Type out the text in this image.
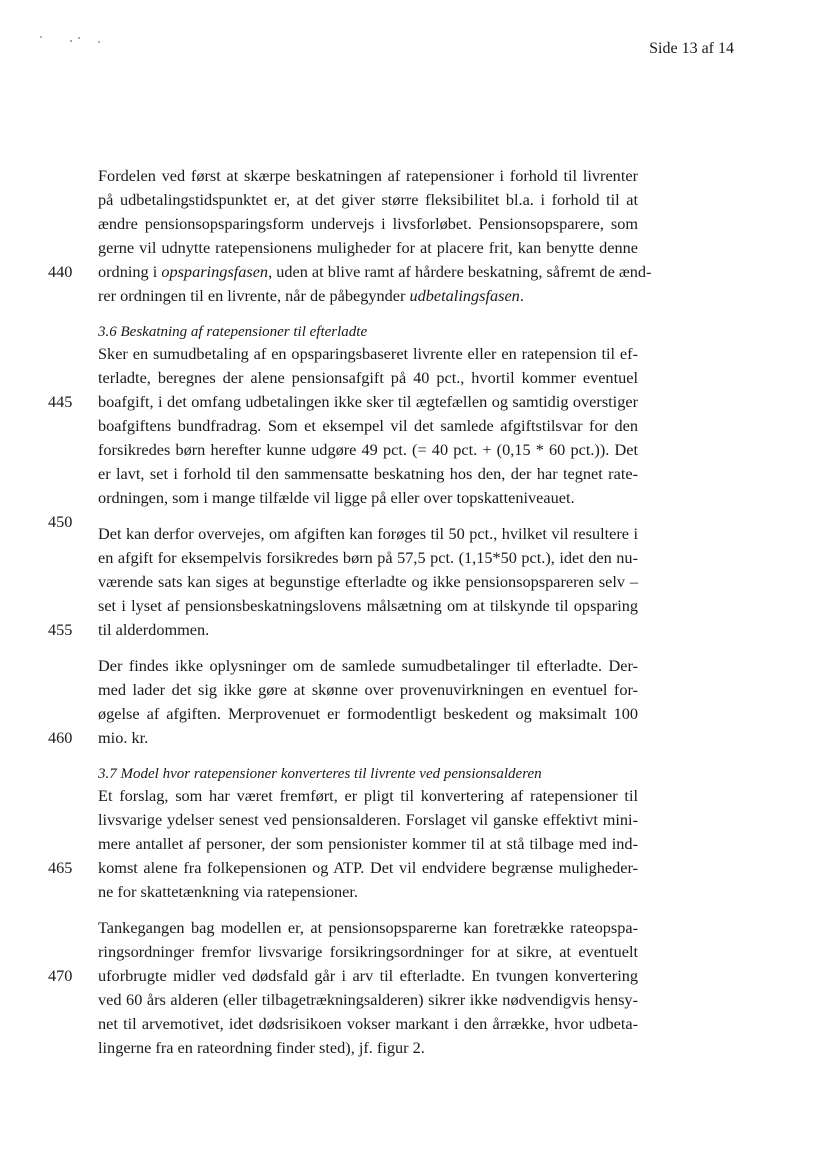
Side 13 af 14
Fordelen ved først at skærpe beskatningen af ratepensioner i forhold til livrenter
på udbetalingstidspunktet er, at det giver større fleksibilitet bl.a. i forhold til at
ændre pensionsopsparingsform undervejs i livsforløbet. Pensionsopsparere, som
gerne vil udnytte ratepensionens muligheder for at placere frit, kan benytte denne
ordning i opsparingsfasen, uden at blive ramt af hårdere beskatning, såfremt de ænd-
rer ordningen til en livrente, når de påbegynder udbetalingsfasen.
3.6 Beskatning af ratepensioner til efterladte
Sker en sumudbetaling af en opsparingsbaseret livrente eller en ratepension til ef-
terladte, beregnes der alene pensionsafgift på 40 pct., hvortil kommer eventuel
boafgift, i det omfang udbetalingen ikke sker til ægtefællen og samtidig overstiger
boafgiftens bundfradrag. Som et eksempel vil det samlede afgiftstilsvar for den
forsikredes børn herefter kunne udgøre 49 pct. (= 40 pct. + (0,15 * 60 pct.)). Det
er lavt, set i forhold til den sammensatte beskatning hos den, der har tegnet rate-
ordningen, som i mange tilfælde vil ligge på eller over topskatteniveauet.
Det kan derfor overvejes, om afgiften kan forøges til 50 pct., hvilket vil resultere i
en afgift for eksempelvis forsikredes børn på 57,5 pct. (1,15*50 pct.), idet den nu-
værende sats kan siges at begunstige efterladte og ikke pensionsopspareren selv –
set i lyset af pensionsbeskatningslovens målsætning om at tilskynde til opsparing
til alderdommen.
Der findes ikke oplysninger om de samlede sumudbetalinger til efterladte. Der-
med lader det sig ikke gøre at skønne over provenuvirkningen en eventuel for-
øgelse af afgiften. Merprovenuet er formodentligt beskedent og maksimalt 100
mio. kr.
3.7 Model hvor ratepensioner konverteres til livrente ved pensionsalderen
Et forslag, som har været fremført, er pligt til konvertering af ratepensioner til
livsvarige ydelser senest ved pensionsalderen. Forslaget vil ganske effektivt mini-
mere antallet af personer, der som pensionister kommer til at stå tilbage med ind-
komst alene fra folkepensionen og ATP. Det vil endvidere begrænse muligheder-
ne for skattetænkning via ratepensioner.
Tankegangen bag modellen er, at pensionsopsparerne kan foretrække rateopspa-
ringsordninger fremfor livsvarige forsikringsordninger for at sikre, at eventuelt
uforbrugte midler ved dødsfald går i arv til efterladte. En tvungen konvertering
ved 60 års alderen (eller tilbagetrækningsalderen) sikrer ikke nødvendigvis hensy-
net til arvemotivet, idet dødsrisikoen vokser markant i den årrække, hvor udbeta-
lingerne fra en rateordning finder sted), jf. figur 2.
440
445
450
455
460
465
470
